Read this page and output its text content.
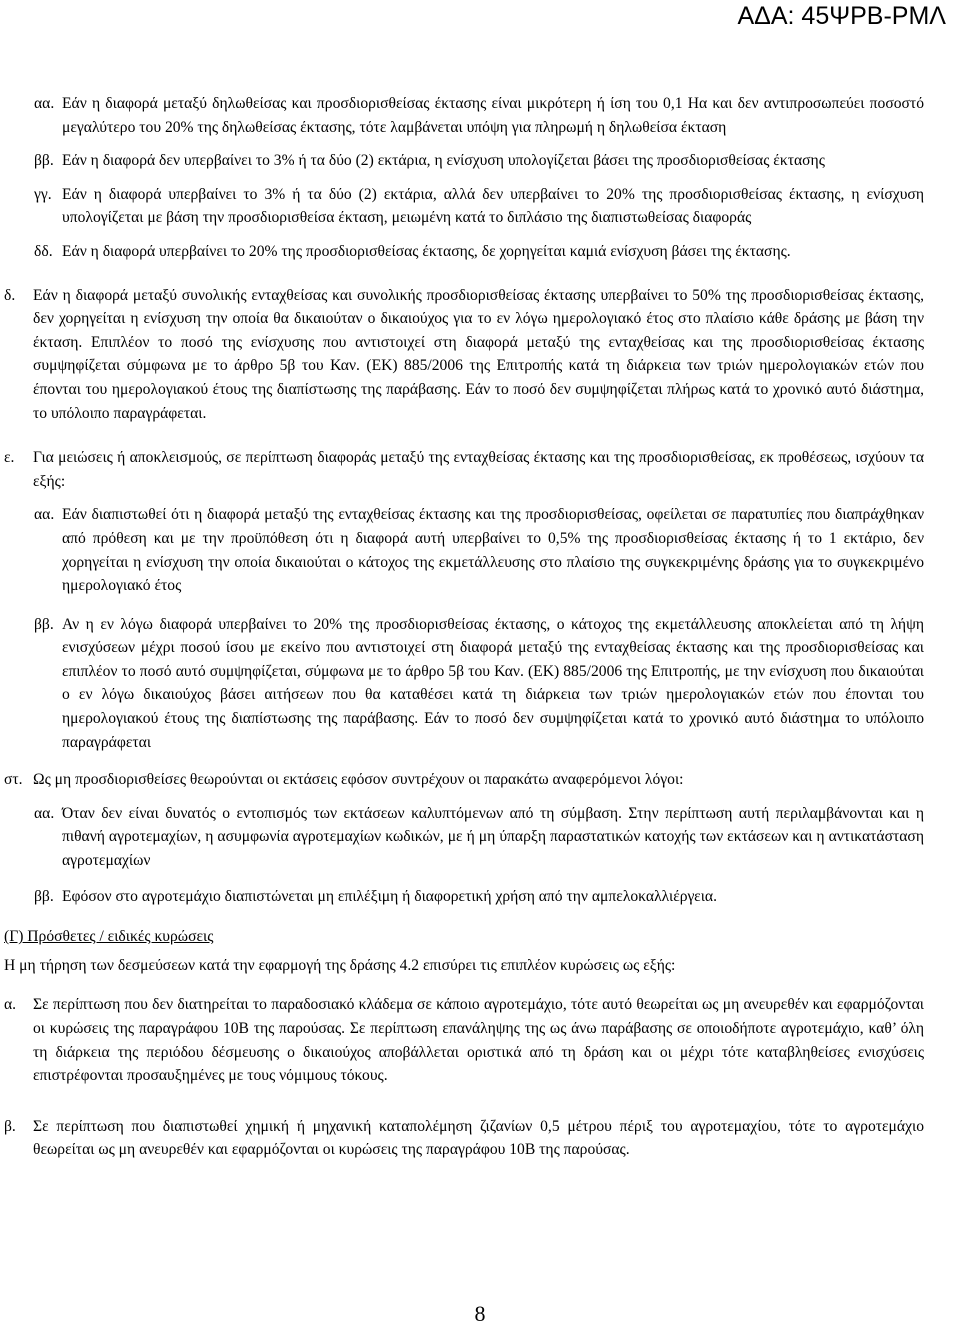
ΑΔΑ: 45ΨΡΒ-ΡΜΛ
αα. Εάν η διαφορά μεταξύ δηλωθείσας και προσδιορισθείσας έκτασης είναι μικρότερη ή ίση του 0,1 Ηα και δεν αντιπροσωπεύει ποσοστό μεγαλύτερο του 20% της δηλωθείσας έκτασης, τότε λαμβάνεται υπόψη για πληρωμή η δηλωθείσα έκταση
ββ. Εάν η διαφορά δεν υπερβαίνει το 3% ή τα δύο (2) εκτάρια, η ενίσχυση υπολογίζεται βάσει της προσδιορισθείσας έκτασης
γγ. Εάν η διαφορά υπερβαίνει το 3% ή τα δύο (2) εκτάρια, αλλά δεν υπερβαίνει το 20% της προσδιορισθείσας έκτασης, η ενίσχυση υπολογίζεται με βάση την προσδιορισθείσα έκταση, μειωμένη κατά το διπλάσιο της διαπιστωθείσας διαφοράς
δδ. Εάν η διαφορά υπερβαίνει το 20% της προσδιορισθείσας έκτασης, δε χορηγείται καμιά ενίσχυση βάσει της έκτασης.
δ. Εάν η διαφορά μεταξύ συνολικής ενταχθείσας και συνολικής προσδιορισθείσας έκτασης υπερβαίνει το 50% της προσδιορισθείσας έκτασης, δεν χορηγείται η ενίσχυση την οποία θα δικαιούταν ο δικαιούχος για το εν λόγω ημερολογιακό έτος στο πλαίσιο κάθε δράσης με βάση την έκταση. Επιπλέον το ποσό της ενίσχυσης που αντιστοιχεί στη διαφορά μεταξύ της ενταχθείσας και της προσδιορισθείσας έκτασης συμψηφίζεται σύμφωνα με το άρθρο 5β του Καν. (ΕΚ) 885/2006 της Επιτροπής κατά τη διάρκεια των τριών ημερολογιακών ετών που έπονται του ημερολογιακού έτους της διαπίστωσης της παράβασης. Εάν το ποσό δεν συμψηφίζεται πλήρως κατά το χρονικό αυτό διάστημα, το υπόλοιπο παραγράφεται.
ε. Για μειώσεις ή αποκλεισμούς, σε περίπτωση διαφοράς μεταξύ της ενταχθείσας έκτασης και της προσδιορισθείσας, εκ προθέσεως, ισχύουν τα εξής:
αα. Εάν διαπιστωθεί ότι η διαφορά μεταξύ της ενταχθείσας έκτασης και της προσδιορισθείσας, οφείλεται σε παρατυπίες που διαπράχθηκαν από πρόθεση και με την προϋπόθεση ότι η διαφορά αυτή υπερβαίνει το 0,5% της προσδιορισθείσας έκτασης ή το 1 εκτάριο, δεν χορηγείται η ενίσχυση την οποία δικαιούται ο κάτοχος της εκμετάλλευσης στο πλαίσιο της συγκεκριμένης δράσης για το συγκεκριμένο ημερολογιακό έτος
ββ. Αν η εν λόγω διαφορά υπερβαίνει το 20% της προσδιορισθείσας έκτασης, ο κάτοχος της εκμετάλλευσης αποκλείεται από τη λήψη ενισχύσεων μέχρι ποσού ίσου με εκείνο που αντιστοιχεί στη διαφορά μεταξύ της ενταχθείσας έκτασης και της προσδιορισθείσας και επιπλέον το ποσό αυτό συμψηφίζεται, σύμφωνα με το άρθρο 5β του Καν. (ΕΚ) 885/2006 της Επιτροπής, με την ενίσχυση που δικαιούται ο εν λόγω δικαιούχος βάσει αιτήσεων που θα καταθέσει κατά τη διάρκεια των τριών ημερολογιακών ετών που έπονται του ημερολογιακού έτους της διαπίστωσης της παράβασης. Εάν το ποσό δεν συμψηφίζεται κατά το χρονικό αυτό διάστημα το υπόλοιπο παραγράφεται
στ. Ως μη προσδιορισθείσες θεωρούνται οι εκτάσεις εφόσον συντρέχουν οι παρακάτω αναφερόμενοι λόγοι:
αα. Όταν δεν είναι δυνατός ο εντοπισμός των εκτάσεων καλυπτόμενων από τη σύμβαση. Στην περίπτωση αυτή περιλαμβάνονται και η πιθανή αγροτεμαχίων, η ασυμφωνία αγροτεμαχίων κωδικών, με ή μη ύπαρξη παραστατικών κατοχής των εκτάσεων και η αντικατάσταση αγροτεμαχίων
ββ. Εφόσον στο αγροτεμάχιο διαπιστώνεται μη επιλέξιμη ή διαφορετική χρήση από την αμπελοκαλλιέργεια.
(Γ) Πρόσθετες / ειδικές κυρώσεις
Η μη τήρηση των δεσμεύσεων κατά την εφαρμογή της δράσης 4.2 επισύρει τις επιπλέον κυρώσεις ως εξής:
α. Σε περίπτωση που δεν διατηρείται το παραδοσιακό κλάδεμα σε κάποιο αγροτεμάχιο, τότε αυτό θεωρείται ως μη ανευρεθέν και εφαρμόζονται οι κυρώσεις της παραγράφου 10Β της παρούσας. Σε περίπτωση επανάληψης της ως άνω παράβασης σε οποιοδήποτε αγροτεμάχιο, καθ’ όλη τη διάρκεια της περιόδου δέσμευσης ο δικαιούχος αποβάλλεται οριστικά από τη δράση και οι μέχρι τότε καταβληθείσες ενισχύσεις επιστρέφονται προσαυξημένες με τους νόμιμους τόκους.
β. Σε περίπτωση που διαπιστωθεί χημική ή μηχανική καταπολέμηση ζιζανίων 0,5 μέτρου πέριξ του αγροτεμαχίου, τότε το αγροτεμάχιο θεωρείται ως μη ανευρεθέν και εφαρμόζονται οι κυρώσεις της παραγράφου 10Β της παρούσας.
8
